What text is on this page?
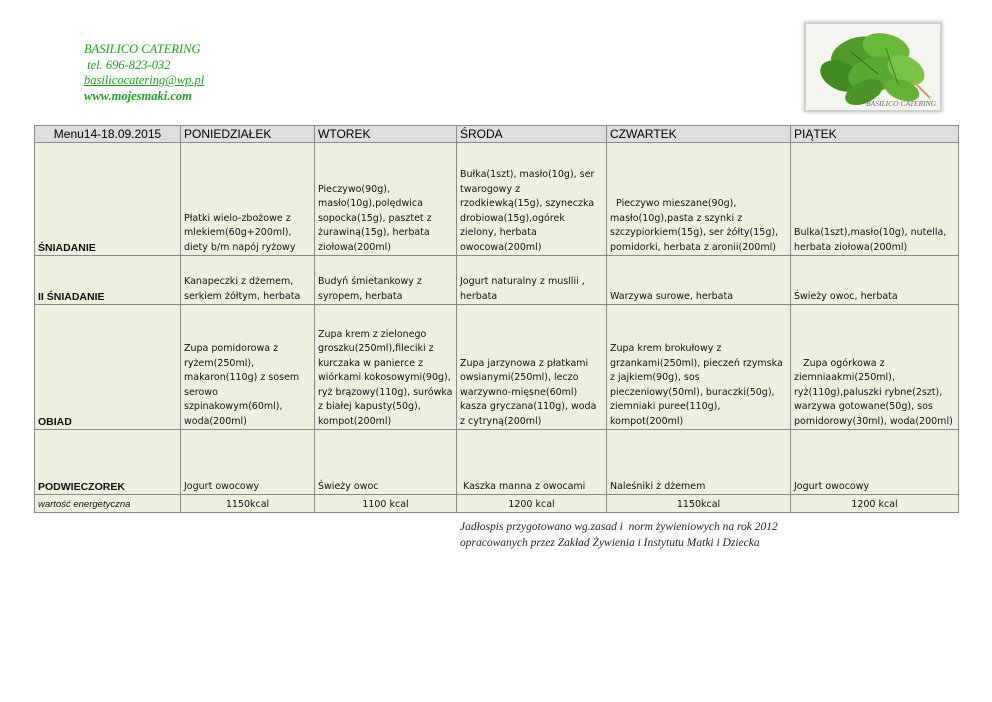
BASILICO CATERING
tel. 696-823-032
basilicocatering@wp.pl
www.mojesmaki.com
BASILICO CATERING
Menu14-18.09.2015	PONIEDZIAŁEK	WTOREK	ŚRODA	CZWARTEK	PIĄTEK
ŚNIADANIE	Płatki wielo-zbożowe z mlekiem(60g+200ml), diety b/m napój ryżowy	Pieczywo(90g), masło(10g),polędwica sopocka(15g), pasztet z żurawiną(15g), herbata ziołowa(200ml)	Bułka(1szt), masło(10g), ser twarogowy z rzodkiewką(15g), szyneczka drobiowa(15g),ogórek zielony, herbata owocowa(200ml)	Pieczywo mieszane(90g), masło(10g),pasta z szynki z szczypiorkiem(15g), ser żółty(15g), pomidorki, herbata z aronii(200ml)	Bulka(1szt),masło(10g), nutella, herbata ziołowa(200ml)
II ŚNIADANIE	Kanapeczki z dżemem, serkiem żółtym, herbata	Budyń śmietankowy z syropem, herbata	Jogurt naturalny z musllii , herbata	Warzywa surowe, herbata	Świeży owoc, herbata
OBIAD	Zupa pomidorowa z ryżem(250ml), makaron(110g) z sosem serowo szpinakowym(60ml), woda(200ml)	Zupa krem z zielonego groszku(250ml),fileciki z kurczaka w panierce z wiórkami kokosowymi(90g), ryż brązowy(110g), surówka z białej kapusty(50g), kompot(200ml)	Zupa jarzynowa z płatkami owsianymi(250ml), leczo warzywno-mięsne(60ml) kasza gryczana(110g), woda z cytryną(200ml)	Zupa krem brokułowy z grzankami(250ml), pieczeń rzymska z jajkiem(90g), sos pieczeniowy(50ml), buraczki(50g), ziemniaki puree(110g), kompot(200ml)	Zupa ogórkowa z ziemniaakmi(250ml), ryż(110g),paluszki rybne(2szt), warzywa gotowane(50g), sos pomidorowy(30ml), woda(200ml)
PODWIECZOREK	Jogurt owocowy	Świeży owoc	Kaszka manna z owocami	Naleśniki z dżemem	Jogurt owocowy
wartość energetyczna	1150kcal	1100 kcal	1200 kcal	1150kcal	1200 kcal
Jadłospis przygotowano wg.zasad i  norm żywieniowych na rok 2012
opracowanych przez Zakład Żywienia i Instytutu Matki i Dziecka
